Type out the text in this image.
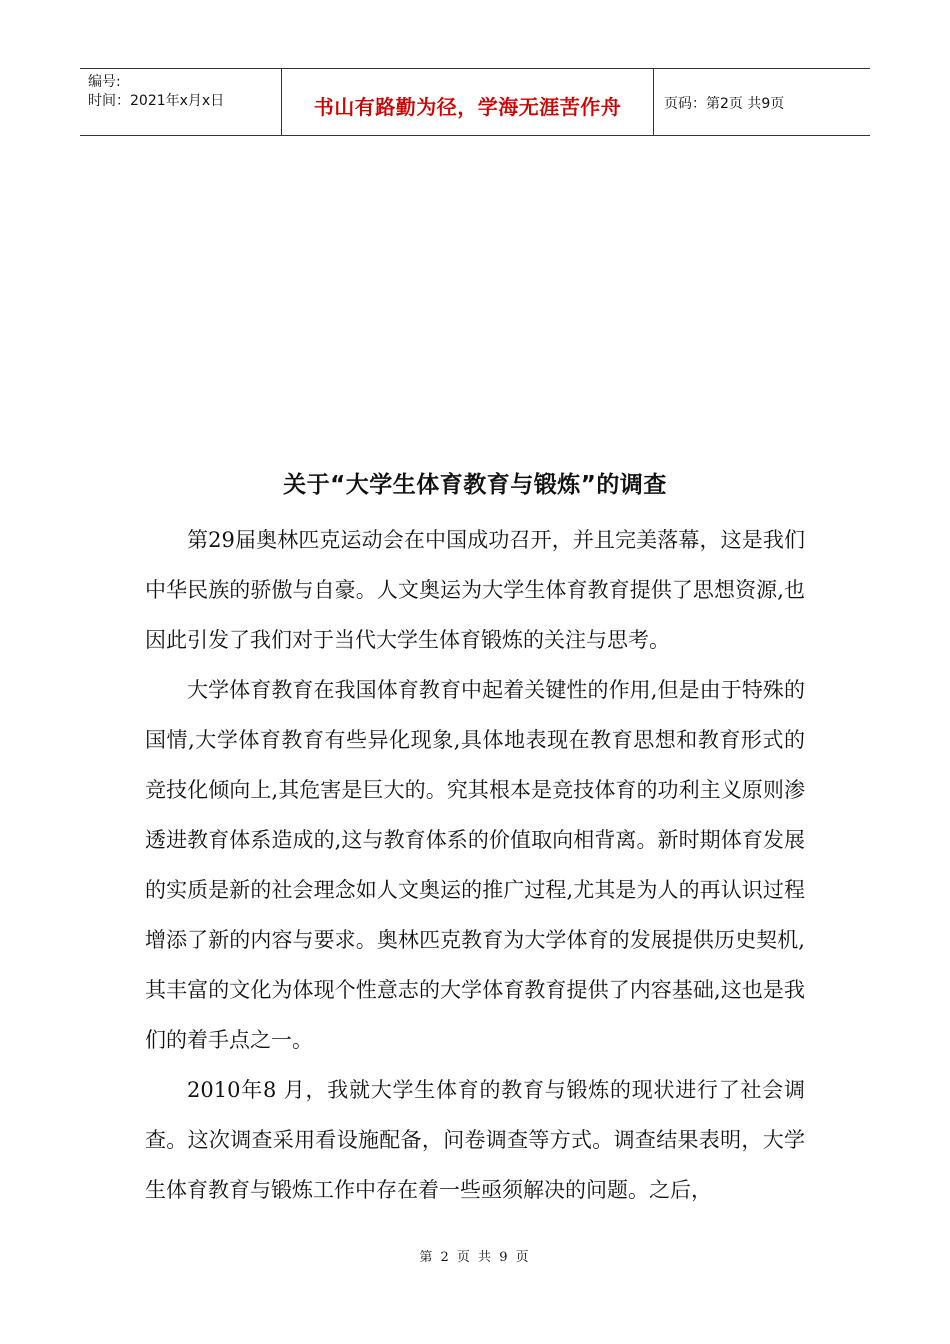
编号:
时间：2021年x月x日	书山有路勤为径，学海无涯苦作舟	页码：第2页 共9页
关于“大学生体育教育与锻炼”的调查

第29届奥林匹克运动会在中国成功召开，并且完美落幕，这是我们中华民族的骄傲与自豪。人文奥运为大学生体育教育提供了思想资源,也因此引发了我们对于当代大学生体育锻炼的关注与思考。

大学体育教育在我国体育教育中起着关键性的作用,但是由于特殊的国情,大学体育教育有些异化现象,具体地表现在教育思想和教育形式的竞技化倾向上,其危害是巨大的。究其根本是竞技体育的功利主义原则渗透进教育体系造成的,这与教育体系的价值取向相背离。新时期体育发展的实质是新的社会理念如人文奥运的推广过程,尤其是为人的再认识过程增添了新的内容与要求。奥林匹克教育为大学体育的发展提供历史契机,其丰富的文化为体现个性意志的大学体育教育提供了内容基础,这也是我们的着手点之一。

2010年8 月，我就大学生体育的教育与锻炼的现状进行了社会调查。这次调查采用看设施配备，问卷调查等方式。调查结果表明，大学生体育教育与锻炼工作中存在着一些亟须解决的问题。之后，

第 2 页 共 9 页
